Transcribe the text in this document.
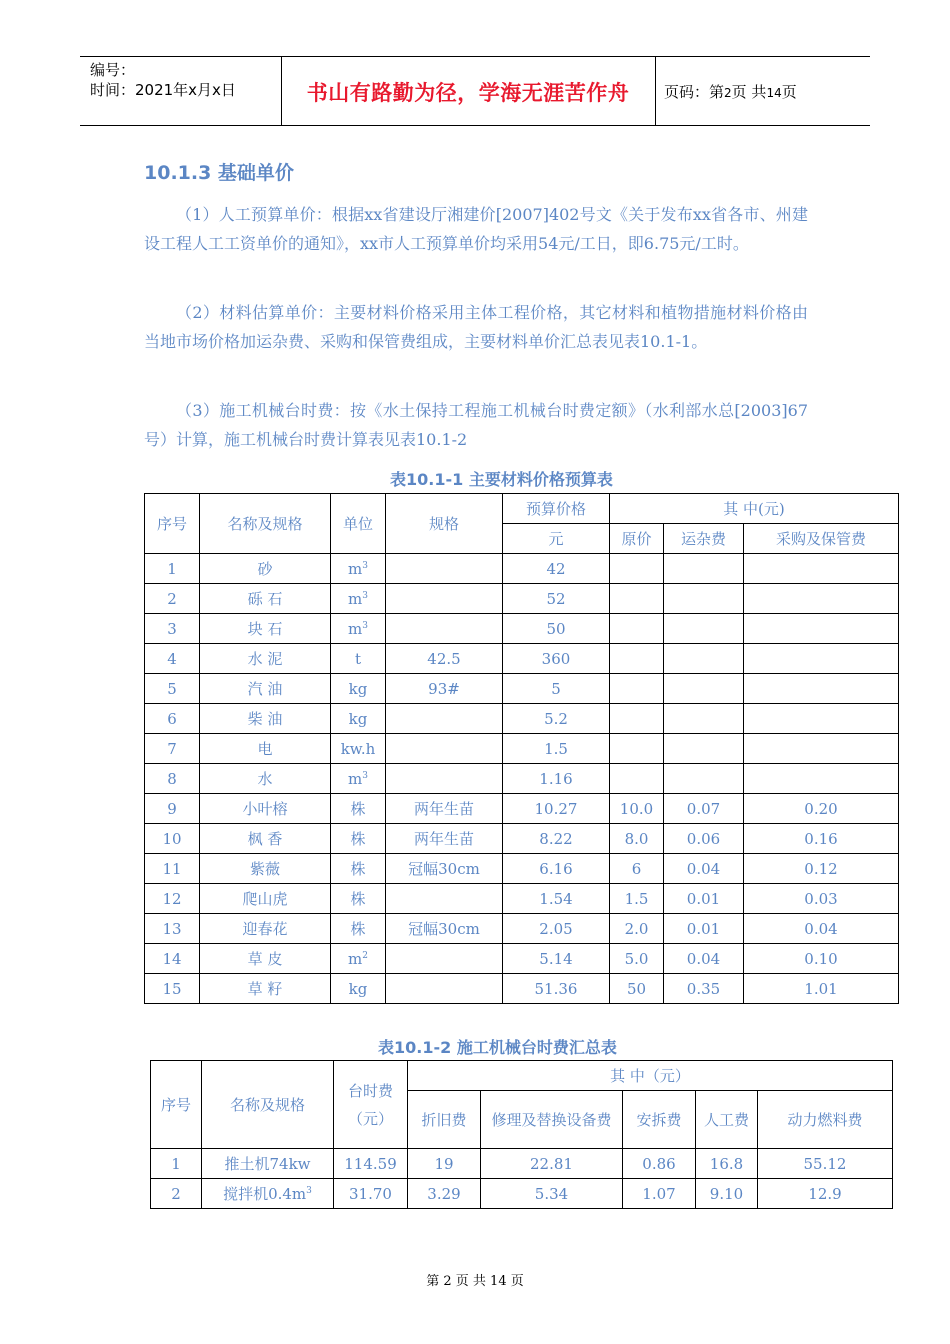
编号：
时间：2021年x月x日	书山有路勤为径，学海无涯苦作舟	页码：第2页 共14页
10.1.3 基础单价

（1）人工预算单价：根据xx省建设厅湘建价[2007]402号文《关于发布xx省各市、州建设工程人工工资单价的通知》，xx市人工预算单价均采用54元/工日，即6.75元/工时。

（2）材料估算单价：主要材料价格采用主体工程价格，其它材料和植物措施材料价格由当地市场价格加运杂费、采购和保管费组成，主要材料单价汇总表见表10.1-1。

（3）施工机械台时费：按《水土保持工程施工机械台时费定额》（水利部水总[2003]67号）计算，施工机械台时费计算表见表10.1-2

表10.1-1 主要材料价格预算表
序号	名称及规格	单位	规格	预算价格	其 中(元)		
				元	原价	运杂费	采购及保管费
1	砂	$m^3$		42			
2	砾 石	$m^3$		52			
3	块 石	$m^3$		50			
4	水 泥	t	42.5	360			
5	汽 油	kg	93#	5			
6	柴 油	kg		5.2			
7	电	kw.h		1.5			
8	水	$m^3$		1.16			
9	小叶榕	株	两年生苗	10.27	10.0	0.07	0.20
10	枫 香	株	两年生苗	8.22	8.0	0.06	0.16
11	紫薇	株	冠幅30cm	6.16	6	0.04	0.12
12	爬山虎	株		1.54	1.5	0.01	0.03
13	迎春花	株	冠幅30cm	2.05	2.0	0.01	0.04
14	草 皮	$m^2$		5.14	5.0	0.04	0.10
15	草 籽	kg		51.36	50	0.35	1.01
表10.1-2 施工机械台时费汇总表
序号	名称及规格	台时费
（元）	其 中（元）				
			折旧费	修理及替换设备费	安拆费	人工费	动力燃料费
1	推土机74kw	114.59	19	22.81	0.86	16.8	55.12
2	搅拌机$0.4m^3$	31.70	3.29	5.34	1.07	9.10	12.9
第 2 页 共 14 页
